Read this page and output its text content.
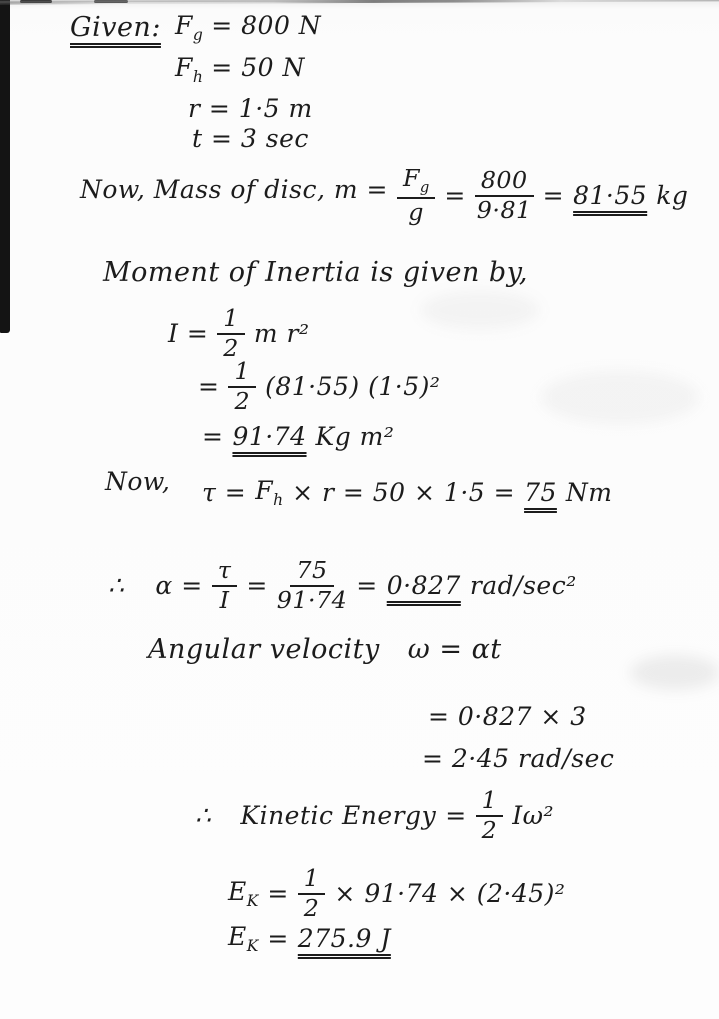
Given: $F_g = 800$ N
$F_h = 50$ N
r = 1·5 m
t = 3 sec
Now, Mass of disc, $m = \frac{F_g}{g} = \frac{800}{9\cdot 81} = 81\cdot 55$ kg
Moment of Inertia is given by,
$I = \frac{1}{2}$ m r²
= $\frac{1}{2} (81\cdot 55)$ (1·5)²
= 91·74 Kg m²
Now, $\tau = F_h \times r = 50 \times 1\cdot 5 = 75$ Nm
∴ $\alpha = \frac{\tau}{I} = \frac{75}{91\cdot 74} = 0\cdot 827$ rad/sec²
Angular velocity ω = αt
= 0·827 × 3
= 2·45 rad/sec
∴ Kinetic Energy = $\frac{1}{2} I\omega^2$
$E_K = \frac{1}{2} \times 91\cdot 74 \times (2\cdot 45)^2$
$E_K = 275.9$ J
